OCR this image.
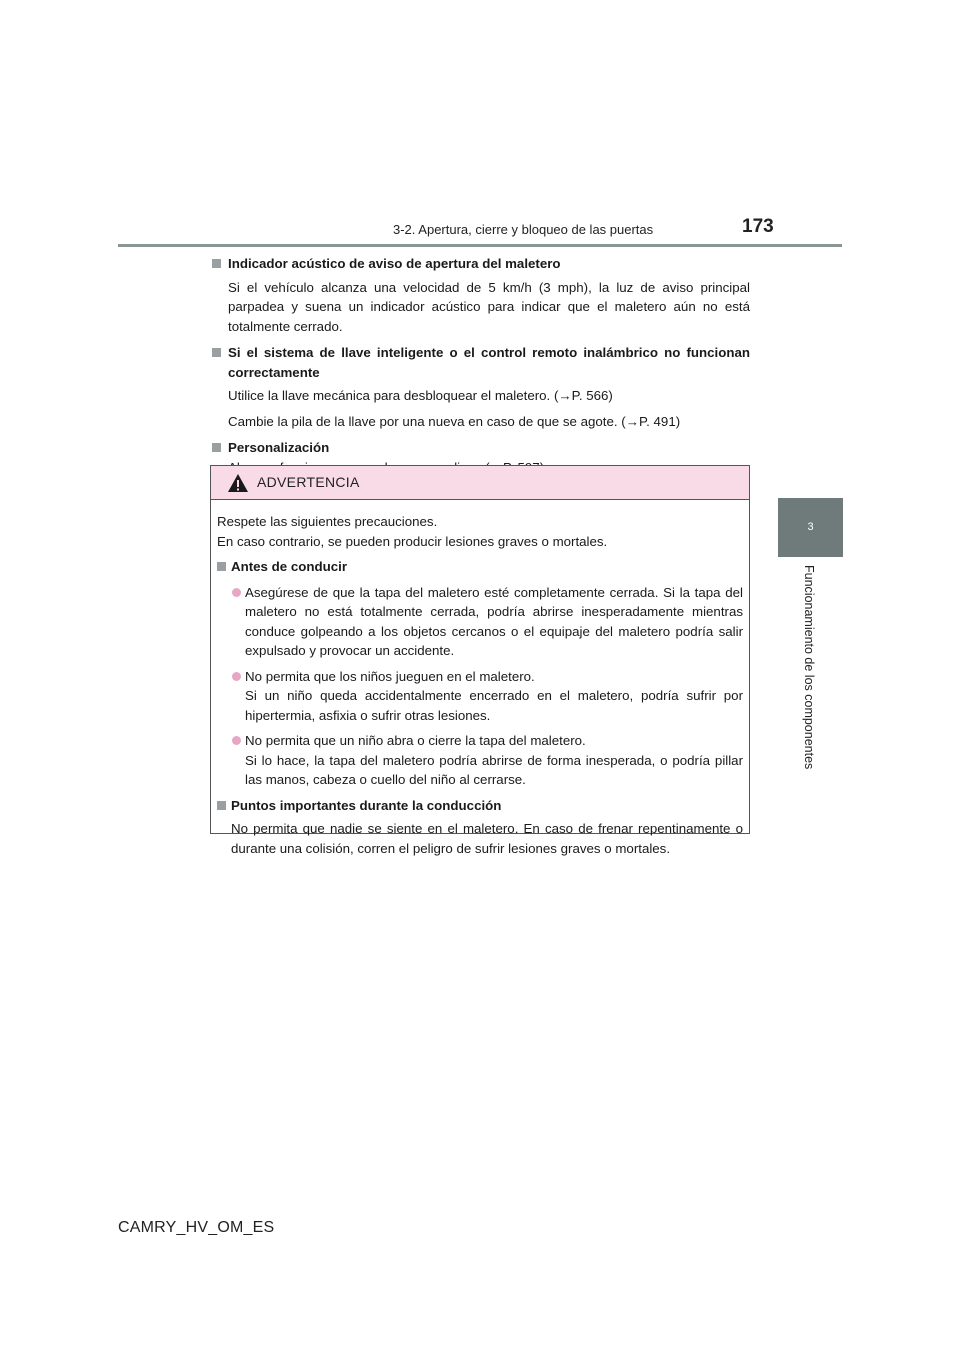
3-2. Apertura, cierre y bloqueo de las puertas	173
3
Funcionamiento de los componentes
Indicador acústico de aviso de apertura del maletero
Si el vehículo alcanza una velocidad de 5 km/h (3 mph), la luz de aviso principal parpadea y suena un indicador acústico para indicar que el maletero aún no está totalmente cerrado.
Si el sistema de llave inteligente o el control remoto inalámbrico no funcionan correctamente
Utilice la llave mecánica para desbloquear el maletero. (→P. 566)
Cambie la pila de la llave por una nueva en caso de que se agote. (→P. 491)
Personalización
ADVERTENCIA
Respete las siguientes precauciones.
En caso contrario, se pueden producir lesiones graves o mortales.
Antes de conducir
Asegúrese de que la tapa del maletero esté completamente cerrada. Si la tapa del maletero no está totalmente cerrada, podría abrirse inesperadamente mientras conduce golpeando a los objetos cercanos o el equipaje del maletero podría salir expulsado y provocar un accidente.
No permita que los niños jueguen en el maletero.
Si un niño queda accidentalmente encerrado en el maletero, podría sufrir por hipertermia, asfixia o sufrir otras lesiones.
No permita que un niño abra o cierre la tapa del maletero.
Si lo hace, la tapa del maletero podría abrirse de forma inesperada, o podría pillar las manos, cabeza o cuello del niño al cerrarse.
Puntos importantes durante la conducción
No permita que nadie se siente en el maletero. En caso de frenar repentinamente o durante una colisión, corren el peligro de sufrir lesiones graves o mortales.
CAMRY_HV_OM_ES
